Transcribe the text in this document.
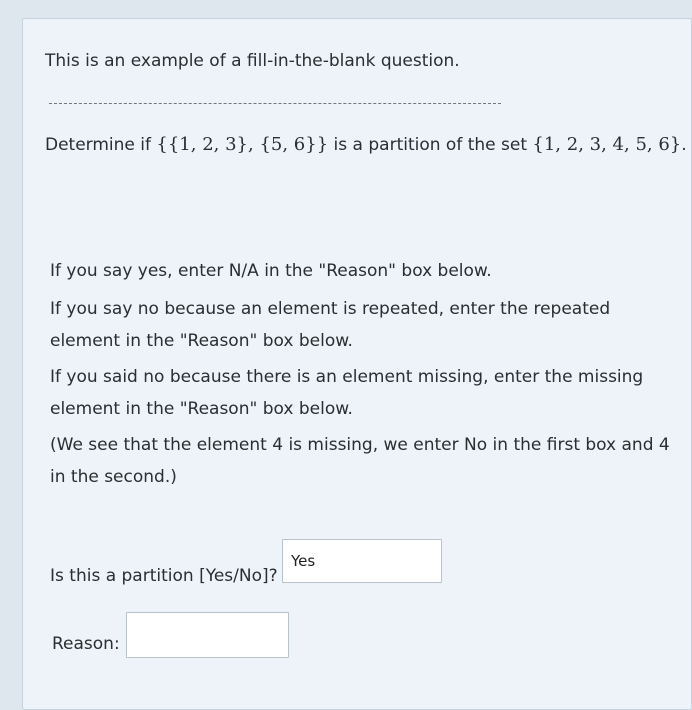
This is an example of a fill-in-the-blank question.
Determine if {{1, 2, 3}, {5, 6}} is a partition of the set {1, 2, 3, 4, 5, 6}.
If you say yes, enter N/A in the "Reason" box below.
If you say no because an element is repeated, enter the repeated element in the "Reason" box below.
If you said no because there is an element missing, enter the missing element in the "Reason" box below.
(We see that the element 4 is missing, we enter No in the first box and 4 in the second.)
Is this a partition [Yes/No]?
Yes
Reason:
